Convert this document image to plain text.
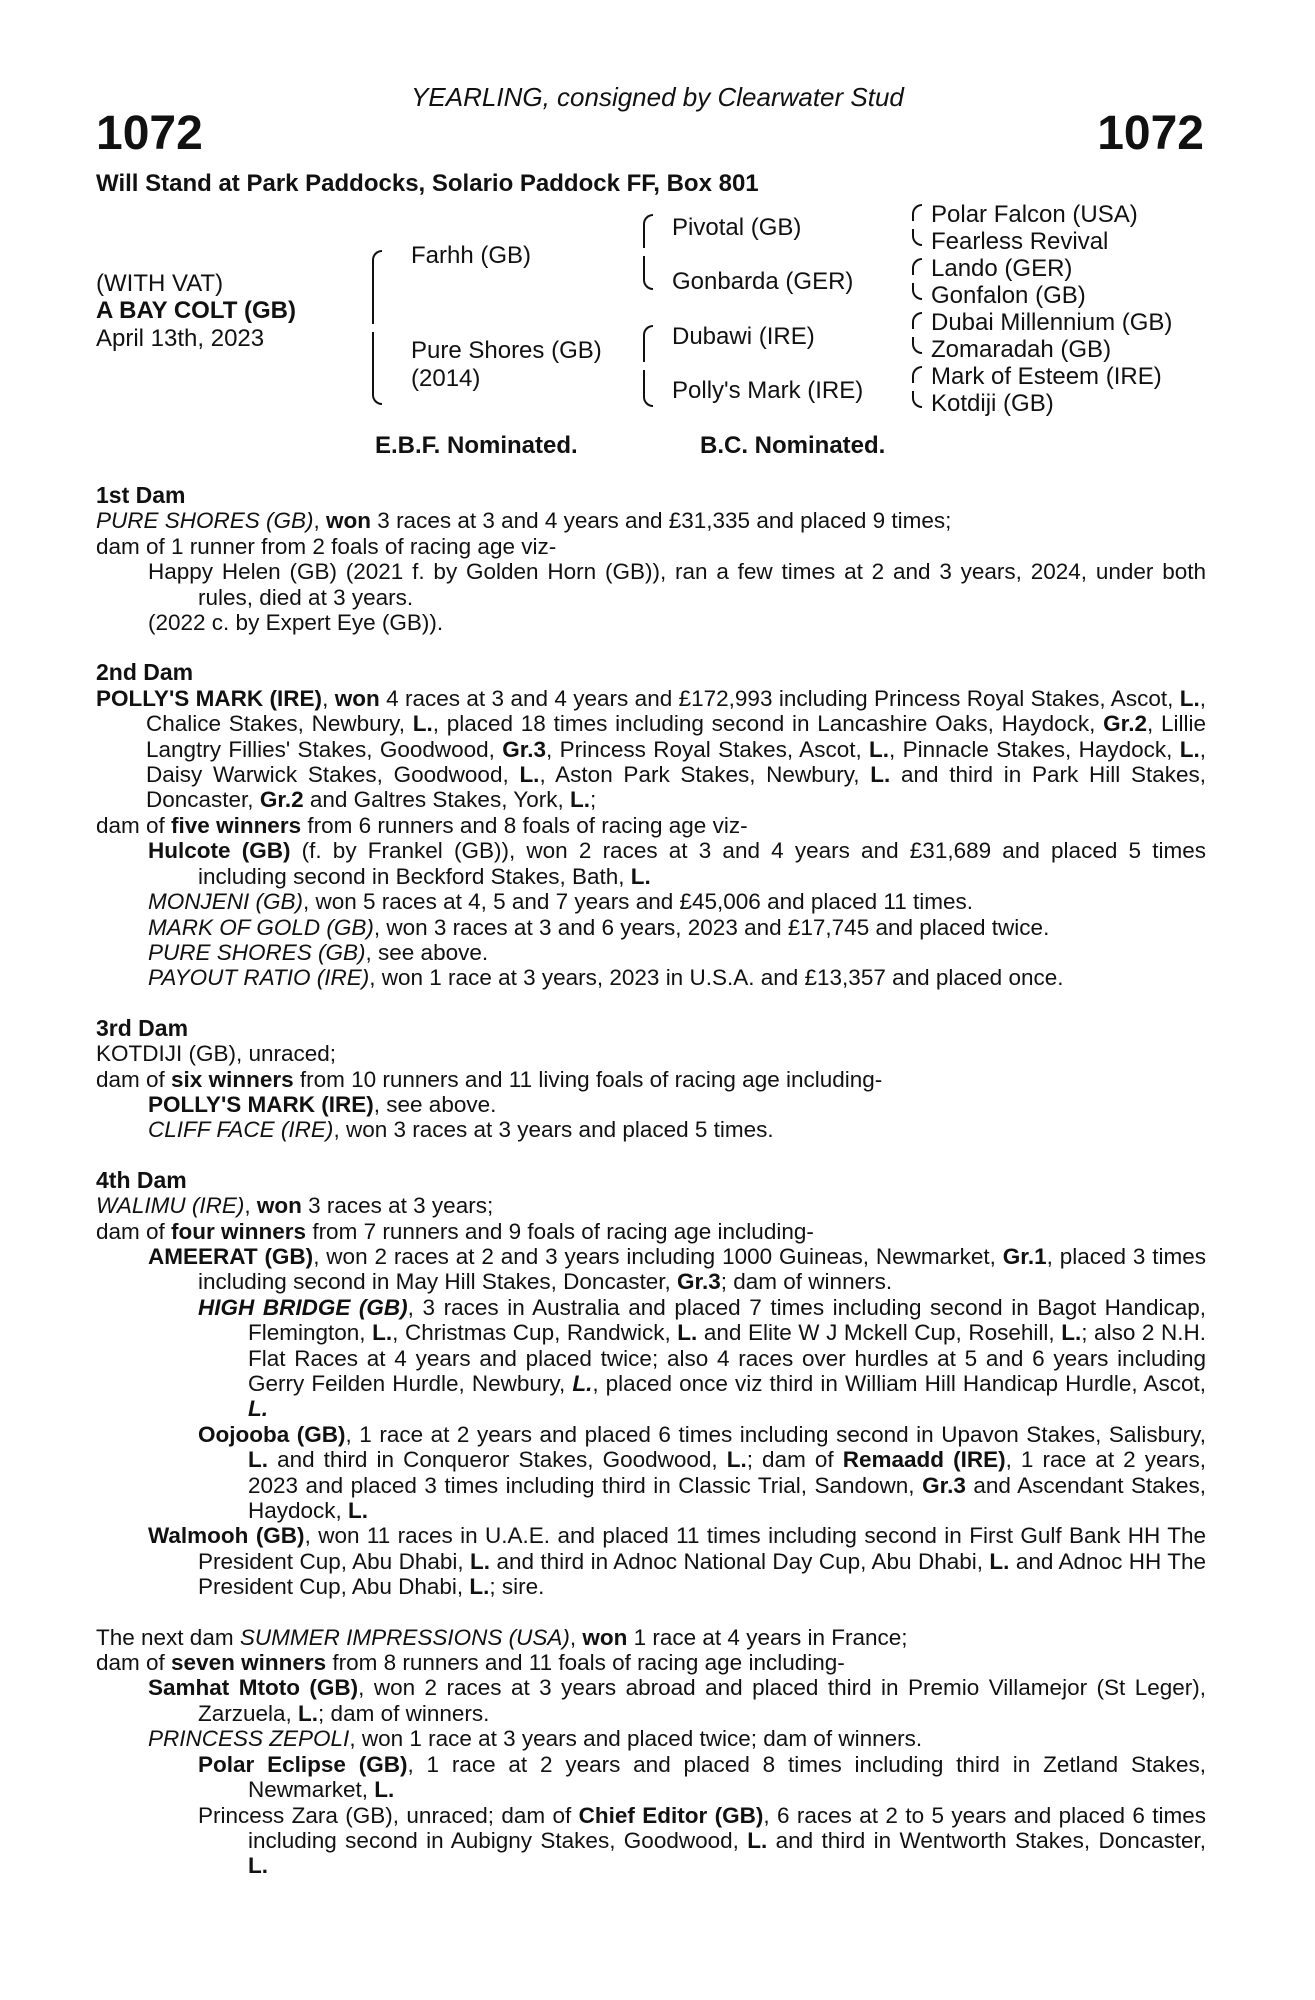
YEARLING, consigned by Clearwater Stud
1072	1072
Will Stand at Park Paddocks, Solario Paddock FF, Box 801
(WITH VAT)
A BAY COLT (GB)
April 13th, 2023
Farhh (GB)
Pure Shores (GB)
(2014)
Pivotal (GB)
Gonbarda (GER)
Dubawi (IRE)
Polly's Mark (IRE)
Polar Falcon (USA)
Fearless Revival
Lando (GER)
Gonfalon (GB)
Dubai Millennium (GB)
Zomaradah (GB)
Mark of Esteem (IRE)
Kotdiji (GB)
E.B.F. Nominated.	B.C. Nominated.

1st Dam

PURE SHORES (GB), won 3 races at 3 and 4 years and £31,335 and placed 9 times;

dam of 1 runner from 2 foals of racing age viz-

Happy Helen (GB) (2021 f. by Golden Horn (GB)), ran a few times at 2 and 3 years, 2024, under both rules, died at 3 years.

(2022 c. by Expert Eye (GB)).

2nd Dam

POLLY'S MARK (IRE), won 4 races at 3 and 4 years and £172,993 including Princess Royal Stakes, Ascot, L., Chalice Stakes, Newbury, L., placed 18 times including second in Lancashire Oaks, Haydock, Gr.2, Lillie Langtry Fillies' Stakes, Goodwood, Gr.3, Princess Royal Stakes, Ascot, L., Pinnacle Stakes, Haydock, L., Daisy Warwick Stakes, Goodwood, L., Aston Park Stakes, Newbury, L. and third in Park Hill Stakes, Doncaster, Gr.2 and Galtres Stakes, York, L.;

dam of five winners from 6 runners and 8 foals of racing age viz-

Hulcote (GB) (f. by Frankel (GB)), won 2 races at 3 and 4 years and £31,689 and placed 5 times including second in Beckford Stakes, Bath, L.

MONJENI (GB), won 5 races at 4, 5 and 7 years and £45,006 and placed 11 times.

MARK OF GOLD (GB), won 3 races at 3 and 6 years, 2023 and £17,745 and placed twice.

PURE SHORES (GB), see above.

PAYOUT RATIO (IRE), won 1 race at 3 years, 2023 in U.S.A. and £13,357 and placed once.

3rd Dam

KOTDIJI (GB), unraced;

dam of six winners from 10 runners and 11 living foals of racing age including-

POLLY'S MARK (IRE), see above.

CLIFF FACE (IRE), won 3 races at 3 years and placed 5 times.

4th Dam

WALIMU (IRE), won 3 races at 3 years;

dam of four winners from 7 runners and 9 foals of racing age including-

AMEERAT (GB), won 2 races at 2 and 3 years including 1000 Guineas, Newmarket, Gr.1, placed 3 times including second in May Hill Stakes, Doncaster, Gr.3; dam of winners.

HIGH BRIDGE (GB), 3 races in Australia and placed 7 times including second in Bagot Handicap, Flemington, L., Christmas Cup, Randwick, L. and Elite W J Mckell Cup, Rosehill, L.; also 2 N.H. Flat Races at 4 years and placed twice; also 4 races over hurdles at 5 and 6 years including Gerry Feilden Hurdle, Newbury, L., placed once viz third in William Hill Handicap Hurdle, Ascot, L.

Oojooba (GB), 1 race at 2 years and placed 6 times including second in Upavon Stakes, Salisbury, L. and third in Conqueror Stakes, Goodwood, L.; dam of Remaadd (IRE), 1 race at 2 years, 2023 and placed 3 times including third in Classic Trial, Sandown, Gr.3 and Ascendant Stakes, Haydock, L.

Walmooh (GB), won 11 races in U.A.E. and placed 11 times including second in First Gulf Bank HH The President Cup, Abu Dhabi, L. and third in Adnoc National Day Cup, Abu Dhabi, L. and Adnoc HH The President Cup, Abu Dhabi, L.; sire.

The next dam SUMMER IMPRESSIONS (USA), won 1 race at 4 years in France;

dam of seven winners from 8 runners and 11 foals of racing age including-

Samhat Mtoto (GB), won 2 races at 3 years abroad and placed third in Premio Villamejor (St Leger), Zarzuela, L.; dam of winners.

PRINCESS ZEPOLI, won 1 race at 3 years and placed twice; dam of winners.

Polar Eclipse (GB), 1 race at 2 years and placed 8 times including third in Zetland Stakes, Newmarket, L.

Princess Zara (GB), unraced; dam of Chief Editor (GB), 6 races at 2 to 5 years and placed 6 times including second in Aubigny Stakes, Goodwood, L. and third in Wentworth Stakes, Doncaster, L.
